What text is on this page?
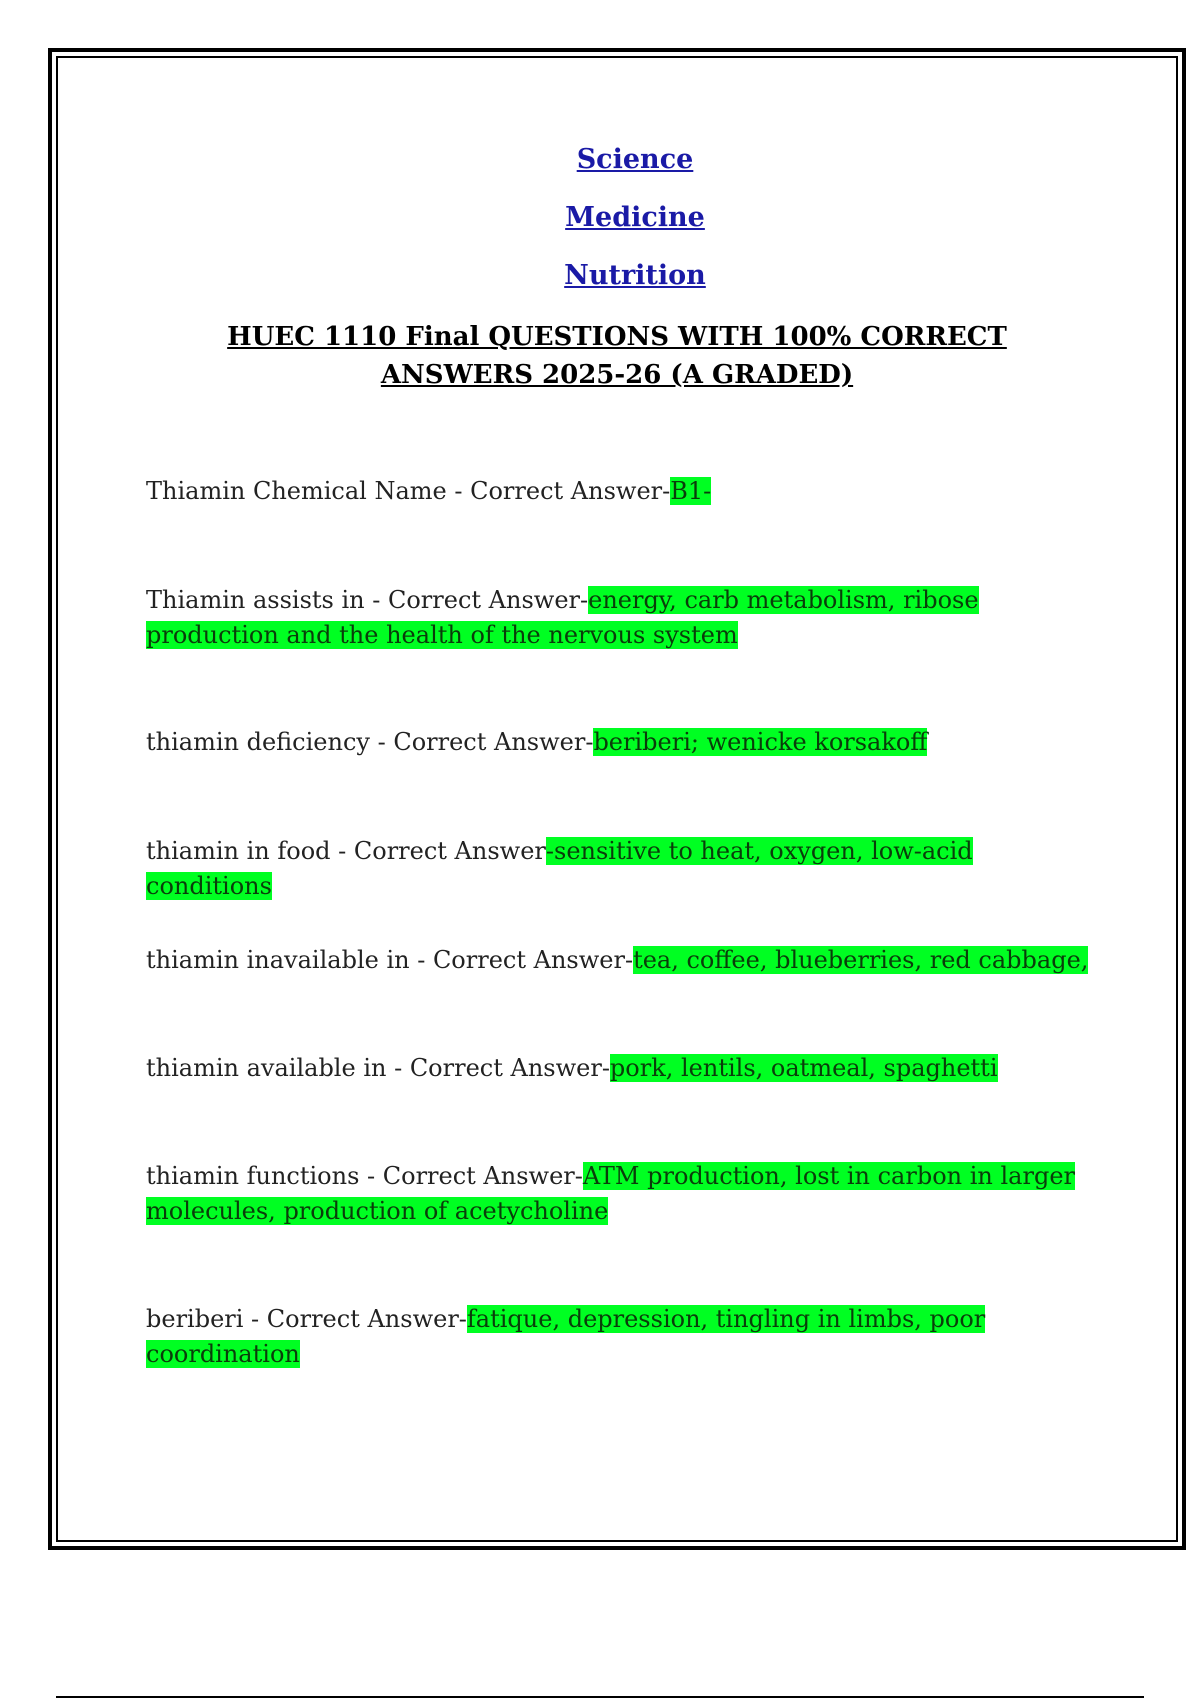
Science
Medicine
Nutrition
HUEC 1110 Final QUESTIONS WITH 100% CORRECT ANSWERS 2025-26 (A GRADED)
Thiamin Chemical Name - Correct Answer-B1-
Thiamin assists in - Correct Answer-energy, carb metabolism, ribose production and the health of the nervous system
thiamin deficiency - Correct Answer-beriberi; wenicke korsakoff
thiamin in food - Correct Answer-sensitive to heat, oxygen, low-acid conditions
thiamin inavailable in - Correct Answer-tea, coffee, blueberries, red cabbage,
thiamin available in - Correct Answer-pork, lentils, oatmeal, spaghetti
thiamin functions - Correct Answer-ATM production, lost in carbon in larger molecules, production of acetycholine
beriberi - Correct Answer-fatique, depression, tingling in limbs, poor coordination
